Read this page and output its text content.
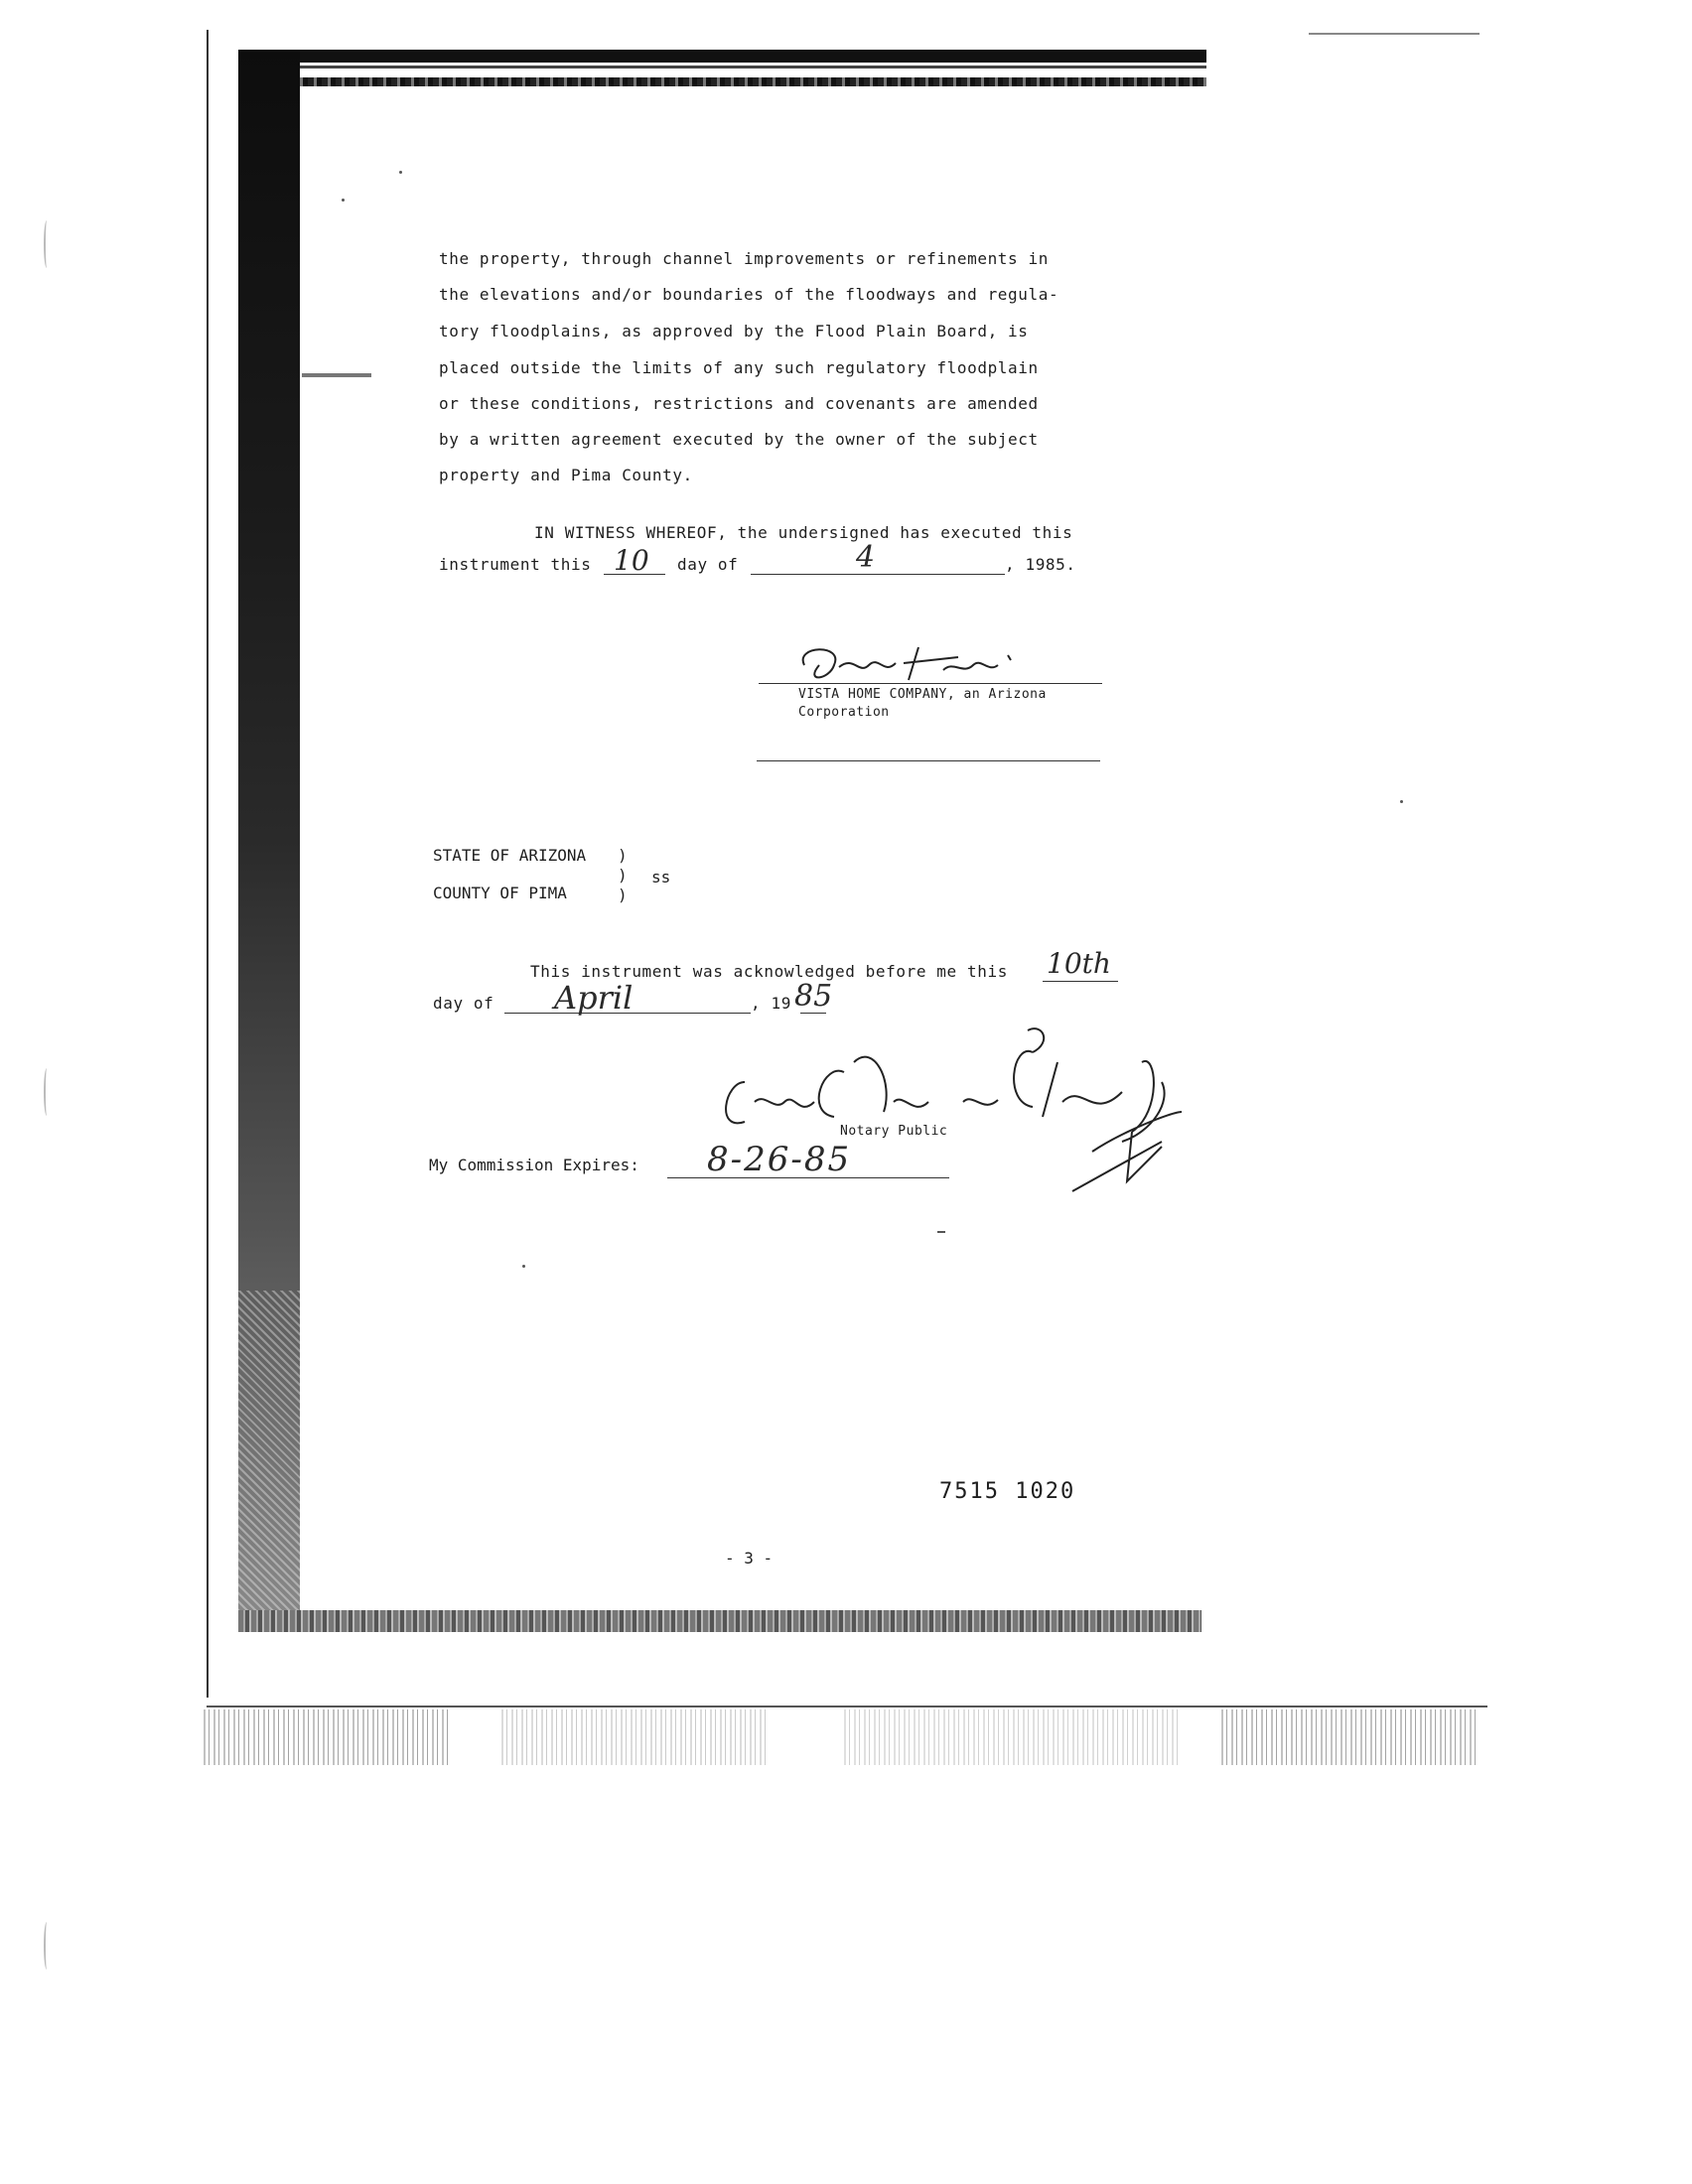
the property, through channel improvements or refinements in
the elevations and/or boundaries of the floodways and regula-
tory floodplains, as approved by the Flood Plain Board, is
placed outside the limits of any such regulatory floodplain
or these conditions, restrictions and covenants are amended
by a written agreement executed by the owner of the subject
property and Pima County.
IN WITNESS WHEREOF, the undersigned has executed this
instrument this 10 day of	4	, 1985.
VISTA HOME COMPANY, an Arizona
Corporation
STATE OF ARIZONA )
) ss
COUNTY OF PIMA	)
This instrument was acknowledged before me this 10th
day of April	, 19 85
Notary Public
My Commission Expires: 8-26-85
7515 1020
- 3 -
